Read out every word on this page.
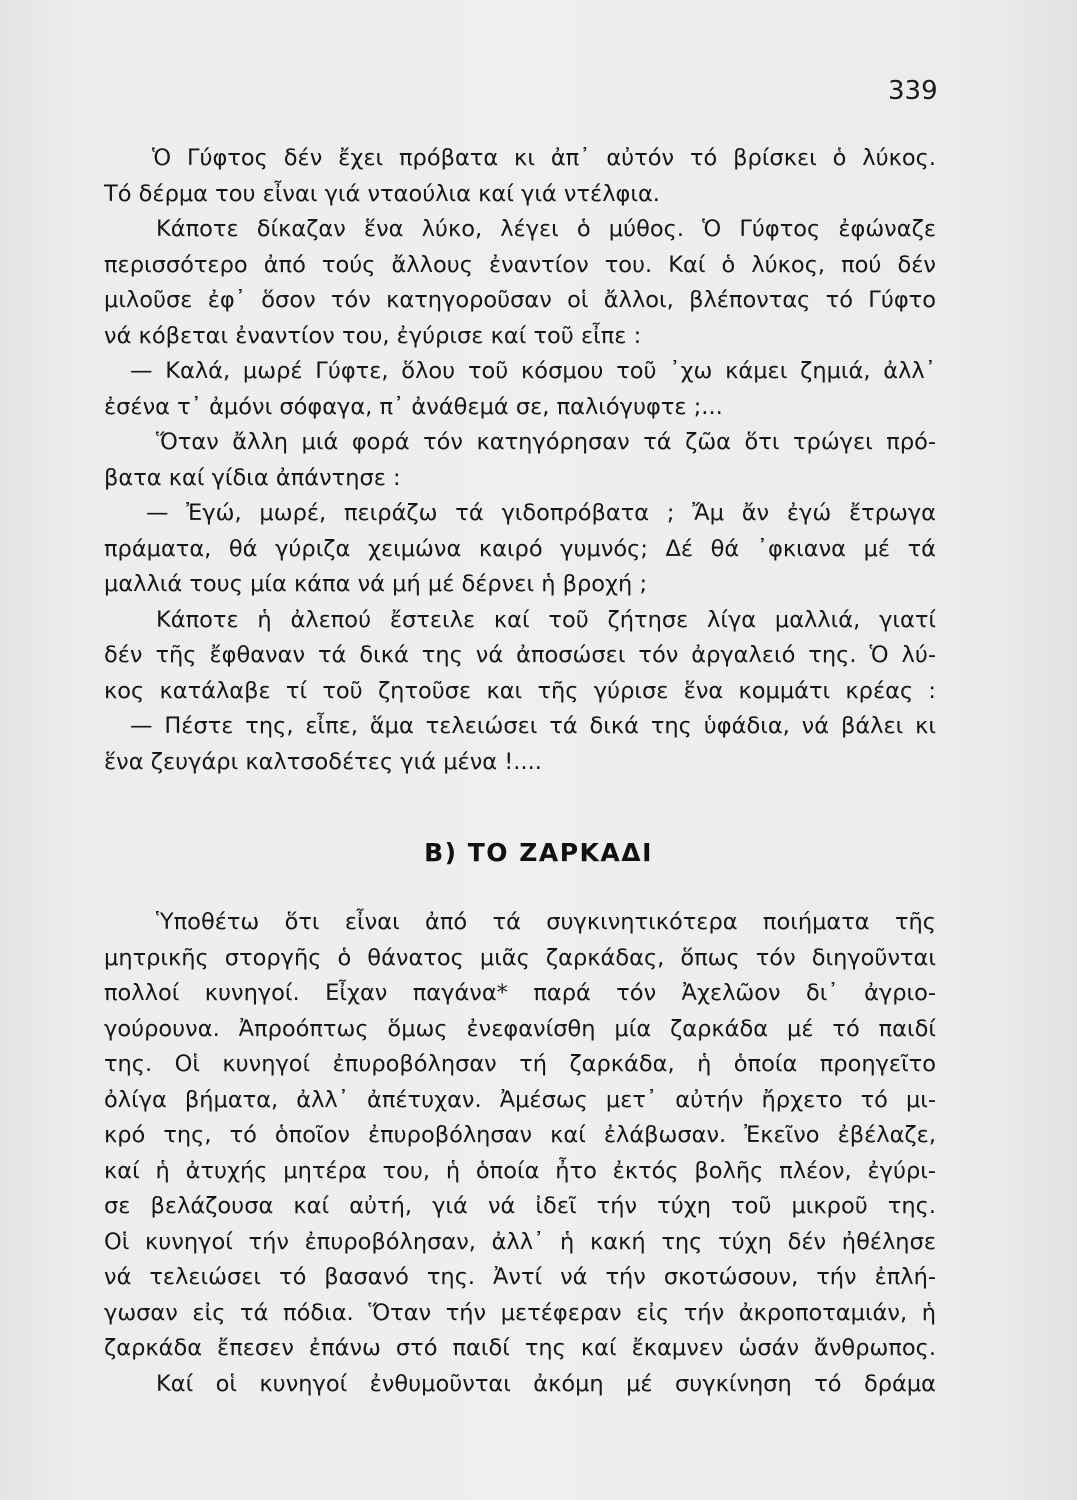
339
Ὁ Γύφτος δέν ἔχει πρόβατα κι ἀπ᾽ αὐτόν τό βρίσκει ὁ λύκος.
Τό δέρμα του εἶναι γιά νταούλια καί γιά ντέλφια.
Κάποτε δίκαζαν ἕνα λύκο, λέγει ὁ μύθος. Ὁ Γύφτος ἐφώναζε
περισσότερο ἀπό τούς ἄλλους ἐναντίον του. Καί ὁ λύκος, πού δέν
μιλοῦσε ἐφ᾽ ὅσον τόν κατηγοροῦσαν οἱ ἄλλοι, βλέποντας τό Γύφτο
νά κόβεται ἐναντίον του, ἐγύρισε καί τοῦ εἶπε :
— Καλά, μωρέ Γύφτε, ὅλου τοῦ κόσμου τοῦ ᾽χω κάμει ζημιά, ἀλλ᾽
ἐσένα τ᾽ ἀμόνι σόφαγα, π᾽ ἀνάθεμά σε, παλιόγυφτε ;...
Ὅταν ἄλλη μιά φορά τόν κατηγόρησαν τά ζῶα ὅτι τρώγει πρό-
βατα καί γίδια ἀπάντησε :
— Ἐγώ, μωρέ, πειράζω τά γιδοπρόβατα ; Ἄμ ἄν ἐγώ ἔτρωγα
πράματα, θά γύριζα χειμώνα καιρό γυμνός; Δέ θά ᾽φκιανα μέ τά
μαλλιά τους μία κάπα νά μή μέ δέρνει ἡ βροχή ;
Κάποτε ἡ ἀλεπού ἔστειλε καί τοῦ ζήτησε λίγα μαλλιά, γιατί
δέν τῆς ἔφθαναν τά δικά της νά ἀποσώσει τόν ἀργαλειό της. Ὁ λύ-
κος κατάλαβε τί τοῦ ζητοῦσε και τῆς γύρισε ἕνα κομμάτι κρέας :
— Πέστε της, εἶπε, ἅμα τελειώσει τά δικά της ὑφάδια, νά βάλει κι
ἕνα ζευγάρι καλτσοδέτες γιά μένα !....
Β) ΤΟ ΖΑΡΚΑΔΙ
Ὑποθέτω ὅτι εἶναι ἀπό τά συγκινητικότερα ποιήματα τῆς
μητρικῆς στοργῆς ὁ θάνατος μιᾶς ζαρκάδας, ὅπως τόν διηγοῦνται
πολλοί κυνηγοί. Εἶχαν παγάνα* παρά τόν Ἀχελῶον δι᾽ ἀγριο-
γούρουνα. Ἀπροόπτως ὅμως ἐνεφανίσθη μία ζαρκάδα μέ τό παιδί
της. Οἱ κυνηγοί ἐπυροβόλησαν τή ζαρκάδα, ἡ ὁποία προηγεῖτο
ὀλίγα βήματα, ἀλλ᾽ ἀπέτυχαν. Ἀμέσως μετ᾽ αὐτήν ἤρχετο τό μι-
κρό της, τό ὁποῖον ἐπυροβόλησαν καί ἐλάβωσαν. Ἐκεῖνο ἐβέλαζε,
καί ἡ ἀτυχής μητέρα του, ἡ ὁποία ἦτο ἐκτός βολῆς πλέον, ἐγύρι-
σε βελάζουσα καί αὐτή, γιά νά ἰδεῖ τήν τύχη τοῦ μικροῦ της.
Οἱ κυνηγοί τήν ἐπυροβόλησαν, ἀλλ᾽ ἡ κακή της τύχη δέν ἠθέλησε
νά τελειώσει τό βασανό της. Ἀντί νά τήν σκοτώσουν, τήν ἐπλή-
γωσαν εἰς τά πόδια. Ὅταν τήν μετέφεραν εἰς τήν ἀκροποταμιάν, ἡ
ζαρκάδα ἔπεσεν ἐπάνω στό παιδί της καί ἔκαμνεν ὡσάν ἄνθρωπος.
Καί οἱ κυνηγοί ἐνθυμοῦνται ἀκόμη μέ συγκίνηση τό δράμα
